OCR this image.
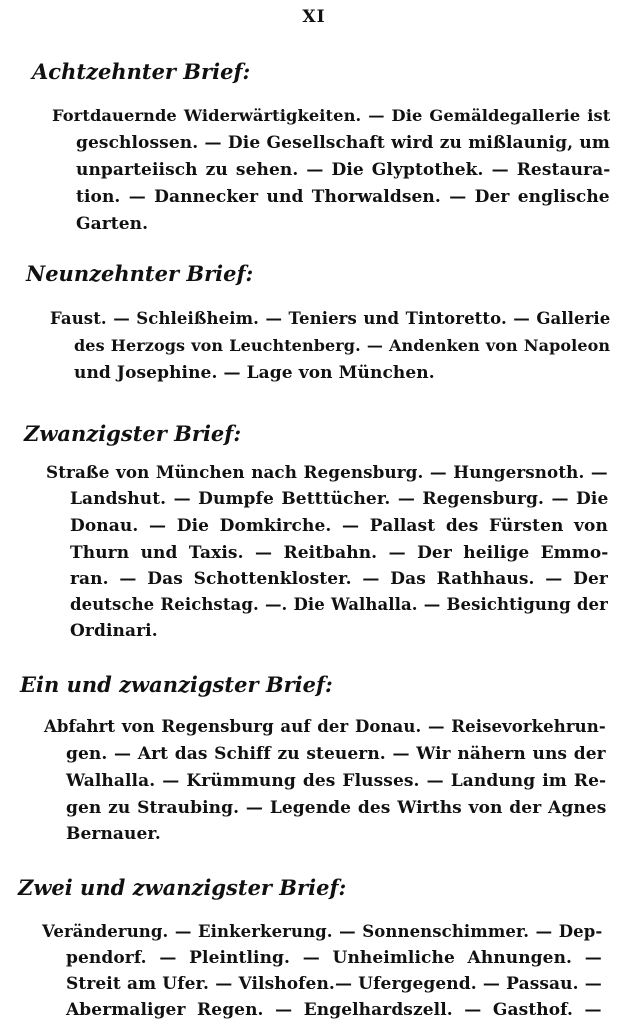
XI
Achtzehnter Brief:

Fortdauernde Widerwärtigkeiten. — Die Gemäldegallerie ist

geschlossen. — Die Gesellschaft wird zu mißlaunig, um

unparteiisch zu sehen. — Die Glyptothek. — Restaura-

tion. — Dannecker und Thorwaldsen. — Der englische

Garten.

Neunzehnter Brief:

Faust. — Schleißheim. — Teniers und Tintoretto. — Gallerie

des Herzogs von Leuchtenberg. — Andenken von Napoleon

und Josephine. — Lage von München.

Zwanzigster Brief:

Straße von München nach Regensburg. — Hungersnoth. —

Landshut. — Dumpfe Betttücher. — Regensburg. — Die

Donau. — Die Domkirche. — Pallast des Fürsten von

Thurn und Taxis. — Reitbahn. — Der heilige Emmo-

ran. — Das Schottenkloster. — Das Rathhaus. — Der

deutsche Reichstag. —. Die Walhalla. — Besichtigung der

Ordinari.

Ein und zwanzigster Brief:

Abfahrt von Regensburg auf der Donau. — Reisevorkehrun-

gen. — Art das Schiff zu steuern. — Wir nähern uns der

Walhalla. — Krümmung des Flusses. — Landung im Re-

gen zu Straubing. — Legende des Wirths von der Agnes

Bernauer.

Zwei und zwanzigster Brief:

Veränderung. — Einkerkerung. — Sonnenschimmer. — Dep-

pendorf. — Pleintling. — Unheimliche Ahnungen. —

Streit am Ufer. — Vilshofen.— Ufergegend. — Passau. —

Abermaliger Regen. — Engelhardszell. — Gasthof. —
